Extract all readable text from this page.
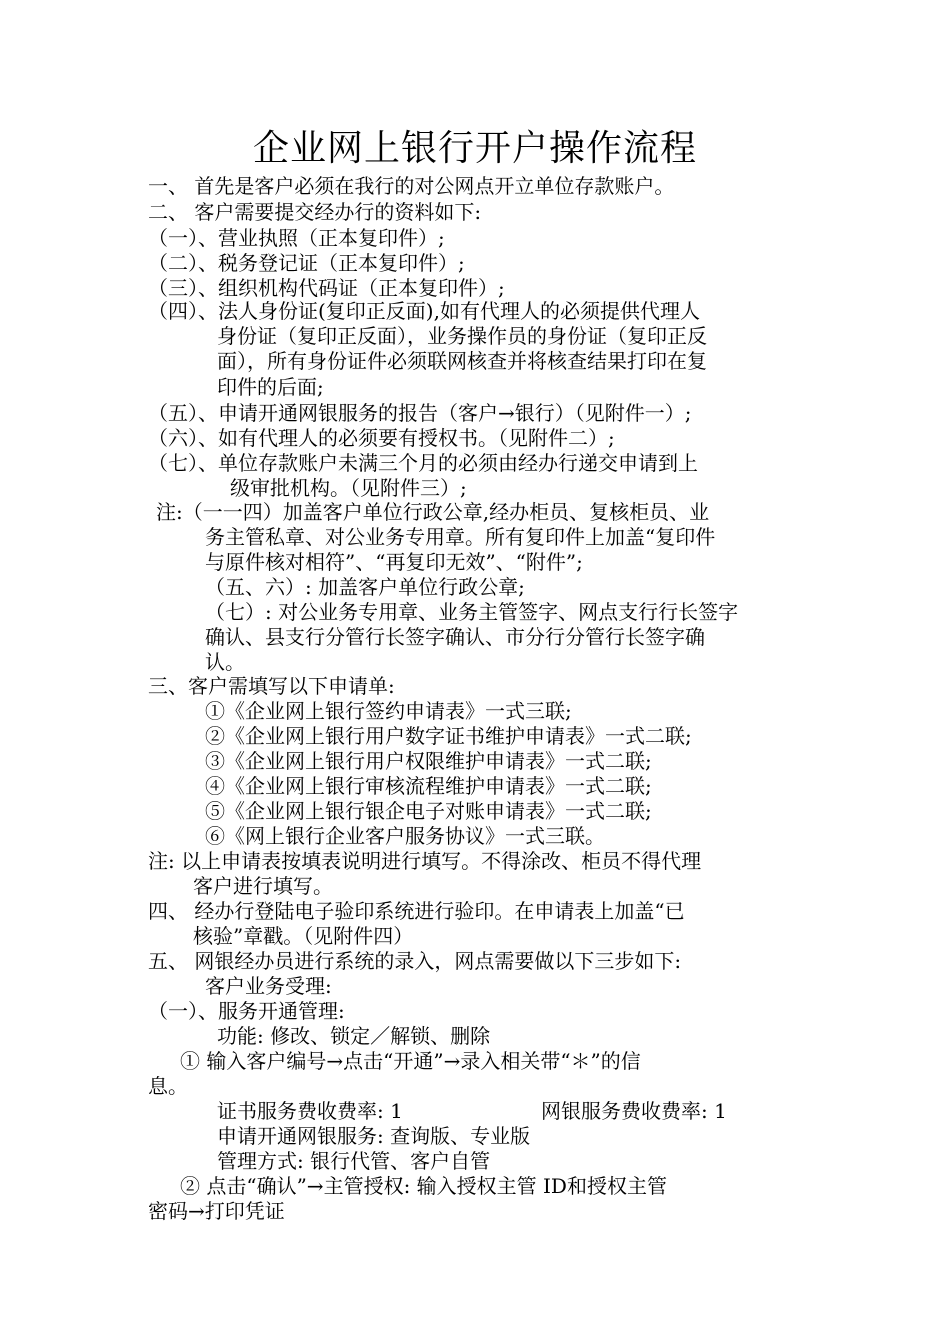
企业网上银行开户操作流程
一、 首先是客户必须在我行的对公网点开立单位存款账户。
二、 客户需要提交经办行的资料如下:
（一）、营业执照（正本复印件）;
（二）、税务登记证（正本复印件）;
（三）、组织机构代码证（正本复印件）;
（四）、法人身份证(复印正反面),如有代理人的必须提供代理人
身份证（复印正反面），业务操作员的身份证（复印正反
面），所有身份证件必须联网核查并将核查结果打印在复
印件的后面;
（五）、申请开通网银服务的报告（客户→银行）（见附件一）;
（六）、如有代理人的必须要有授权书。（见附件二）;
（七）、单位存款账户未满三个月的必须由经办行递交申请到上
级审批机构。（见附件三）;
注:（一一四）加盖客户单位行政公章,经办柜员、复核柜员、业
务主管私章、对公业务专用章。所有复印件上加盖“复印件
与原件核对相符”、“再复印无效”、“附件”;
（五、六）: 加盖客户单位行政公章;
（七）: 对公业务专用章、业务主管签字、网点支行行长签字
确认、县支行分管行长签字确认、市分行分管行长签字确
认。
三、客户需填写以下申请单:
①《企业网上银行签约申请表》一式三联;
②《企业网上银行用户数字证书维护申请表》一式二联;
③《企业网上银行用户权限维护申请表》一式二联;
④《企业网上银行审核流程维护申请表》一式二联;
⑤《企业网上银行银企电子对账申请表》一式二联;
⑥《网上银行企业客户服务协议》一式三联。
注: 以上申请表按填表说明进行填写。不得涂改、柜员不得代理
客户进行填写。
四、 经办行登陆电子验印系统进行验印。在申请表上加盖“已
核验”章戳。（见附件四）
五、 网银经办员进行系统的录入，网点需要做以下三步如下:
客户业务受理:
（一）、服务开通管理:
功能: 修改、锁定／解锁、删除
① 输入客户编号→点击“开通”→录入相关带“＊”的信
息。
证书服务费收费率: 1	网银服务费收费率: 1
申请开通网银服务: 查询版、专业版
管理方式: 银行代管、客户自管
② 点击“确认”→主管授权: 输入授权主管 ID和授权主管
密码→打印凭证
